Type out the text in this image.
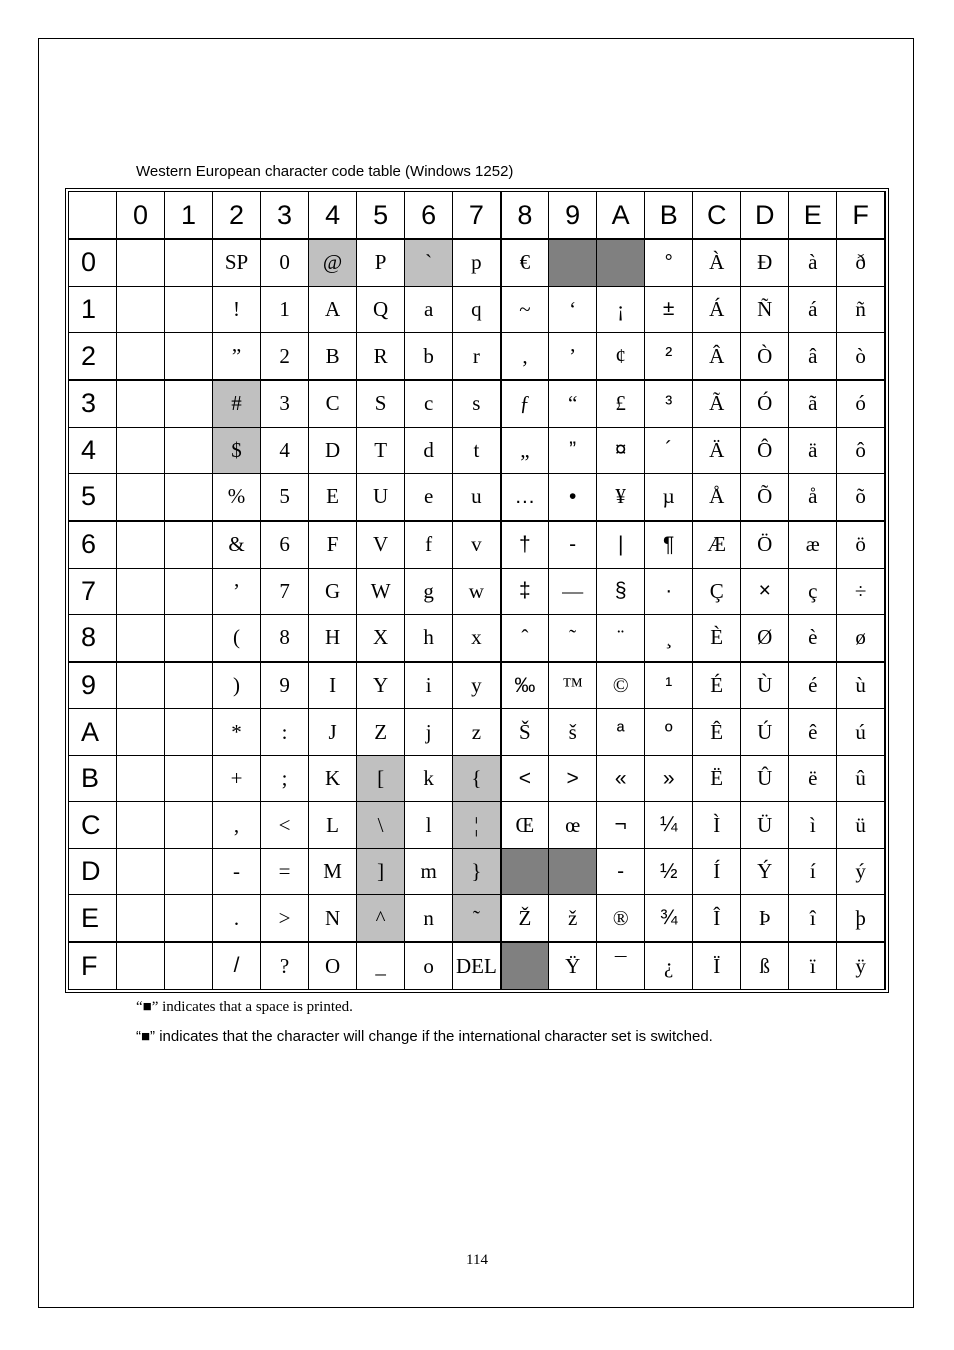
Western European character code table (Windows 1252)
	0	1	2	3	4	5	6	7	8	9	A	B	C	D	E	F
0			SP	0	@	P	`	p	€			°	À	Ð	à	ð
1			!	1	A	Q	a	q	~	‘	¡	±	Á	Ñ	á	ñ
2			”	2	B	R	b	r	‚	’	¢	²	Â	Ò	â	ò
3			#	3	C	S	c	s	ƒ	“	£	³	Ã	Ó	ã	ó
4			$	4	D	T	d	t	„	”	¤	´	Ä	Ô	ä	ô
5			%	5	E	U	e	u	…	•	¥	µ	Å	Õ	å	õ
6			&	6	F	V	f	v	†	-	|	¶	Æ	Ö	æ	ö
7			’	7	G	W	g	w	‡	—	§	·	Ç	×	ç	÷
8			(	8	H	X	h	x	ˆ	˜	¨	¸	È	Ø	è	ø
9			)	9	I	Y	i	y	‰	™	©	¹	É	Ù	é	ù
A			*	:	J	Z	j	z	Š	š	ª	º	Ê	Ú	ê	ú
B			+	;	K	[	k	{	<	>	«	»	Ë	Û	ë	û
C			,	<	L	\	l	¦	Œ	œ	¬	¼	Ì	Ü	ì	ü
D			-	=	M	]	m	}			-	½	Í	Ý	í	ý
E			.	>	N	^	n	˜	Ž	ž	®	¾	Î	Þ	î	þ
F			/	?	O	_	o	DEL		Ÿ	¯	¿	Ï	ß	ï	ÿ
“■” indicates that a space is printed.
“■” indicates that the character will change if the international character set is switched.
114
